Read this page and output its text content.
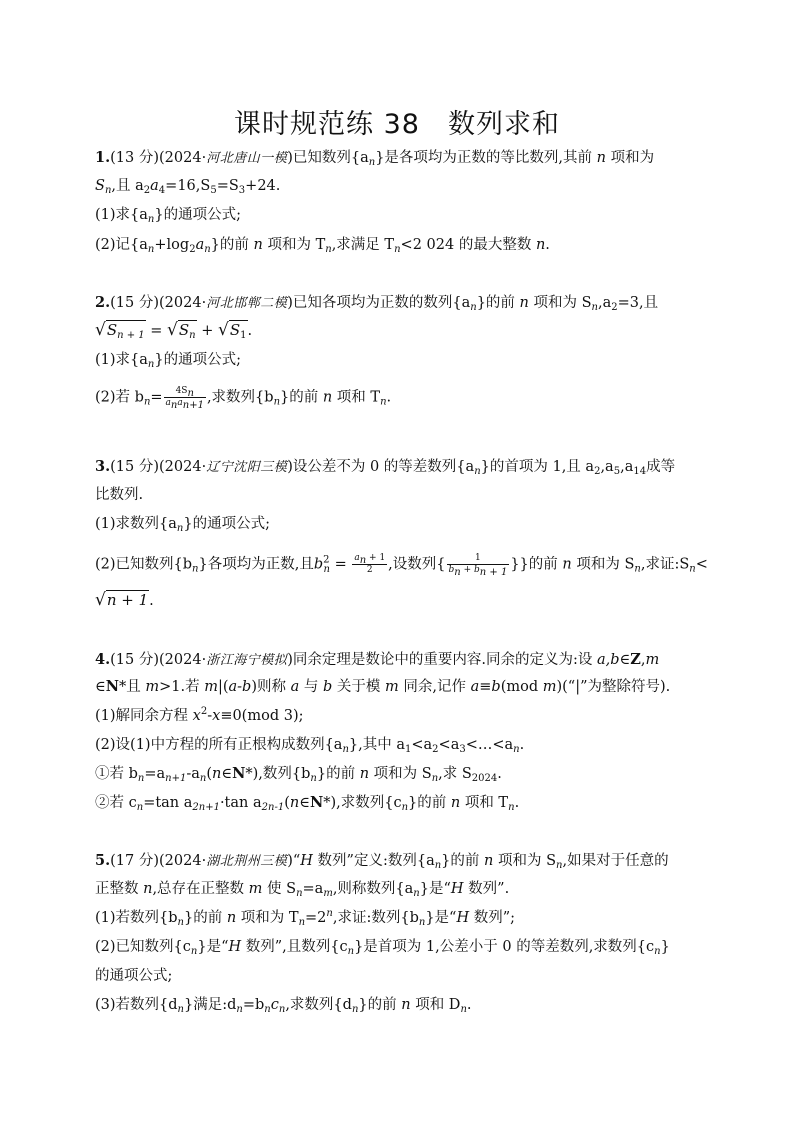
课时规范练 38　数列求和
1.(13 分)(2024·河北唐山一模)已知数列$\{a_n\}$是各项均为正数的等比数列,其前 n 项和为
$S_n$,且 $a_2a_4=16,S_5=S_3+24$.
(1)求$\{a_n\}$的通项公式;
(2)记$\{a_n+\log_2a_n\}$的前 n 项和为 $T_n$,求满足 $T_n<2$ 024 的最大整数 n.
2.(15 分)(2024·河北邯郸二模)已知各项均为正数的数列$\{a_n\}$的前 n 项和为 $S_n,a_2=3$,且
$√S_{n + 1} = √S_n + √S_1$.
(1)求$\{a_n\}$的通项公式;
(2)若 $b_n= \frac{4S_n}{a_na_{n+1}}$ ,求数列$\{b_n\}$的前 n 项和 $T_n$.
3.(15 分)(2024·辽宁沈阳三模)设公差不为 0 的等差数列$\{a_n\}$的首项为 1,且 $a_2,a_5,a_{14}$成等
比数列.
(1)求数列$\{a_n\}$的通项公式;
(2)已知数列$\{b_n\}$各项均为正数,且$b^2_n = \frac{a_n + 1}{2}$ ,设数列{ $\frac{1}{b_n + b_{n + 1}}$ }}的前 n 项和为 $S_n$,求证$:S_n<$
√n + 1.
4.(15 分)(2024·浙江海宁模拟)同余定理是数论中的重要内容.同余的定义为:设 a,b∈Z,m
∈N*且 m>1.若 m|(a-b)则称 a 与 b 关于模 m 同余,记作 a≡b(mod m)(“|”为整除符号).
(1)解同余方程 $x^2-x\equiv 0(mod$ 3);
(2)设(1)中方程的所有正根构成数列$\{a_n\}$,其中 $a_1<a_2<a_3<\dots<a_n$.
①若 $b_n=a_{n+1}-a_n(n\in N*)$,数列$\{b_n\}$的前 n 项和为 $S_n$,求 $S_{2024}$.
②若 $c_n=\tan$ $a_{2n+1}\cdot\tan$ $a_{2n-1}(n\in N*)$,求数列$\{c_n\}$的前 n 项和 $T_n$.
5.(17 分)(2024·湖北荆州三模)“H 数列”定义:数列$\{a_n\}$的前 n 项和为 $S_n$,如果对于任意的
正整数 n,总存在正整数 m 使 $S_n=a_m$,则称数列$\{a_n\}$是“H 数列”.
(1)若数列$\{b_n\}$的前 n 项和为 $T_n=2^n$,求证:数列$\{b_n\}$是“H 数列”;
(2)已知数列$\{c_n\}$是“H 数列”,且数列$\{c_n\}$是首项为 1,公差小于 0 的等差数列,求数列$\{c_n\}$
的通项公式;
(3)若数列$\{d_n\}$满足$:d_n=b_nc_n$,求数列$\{d_n\}$的前 n 项和 $D_n$.
